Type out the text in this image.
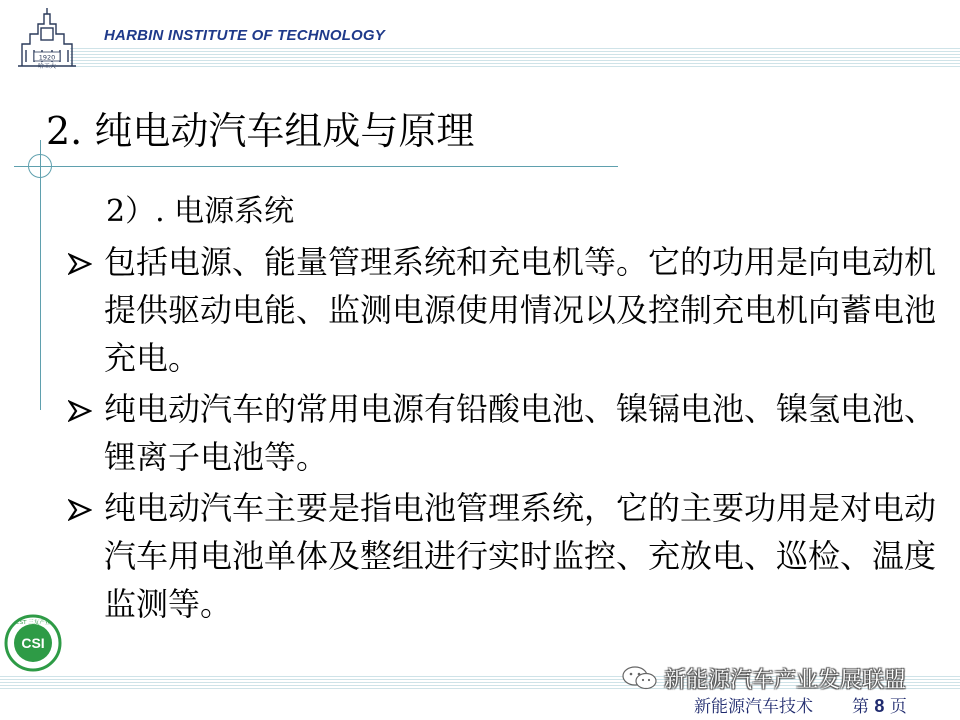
1920
哈工大
HARBIN INSTITUTE OF TECHNOLOGY
2. 纯电动汽车组成与原理
2）. 电源系统
包括电源、能量管理系统和充电机等。它的功用是向电动机提供驱动电能、监测电源使用情况以及控制充电机向蓄电池充电。
纯电动汽车的常用电源有铅酸电池、镍镉电池、镍氢电池、锂离子电池等。
纯电动汽车主要是指电池管理系统，它的主要功用是对电动汽车用电池单体及整组进行实时监控、充放电、巡检、温度监测等。
CST 三友产业
CSI
新能源汽车产业发展联盟
新能源汽车技术 第 8 页
